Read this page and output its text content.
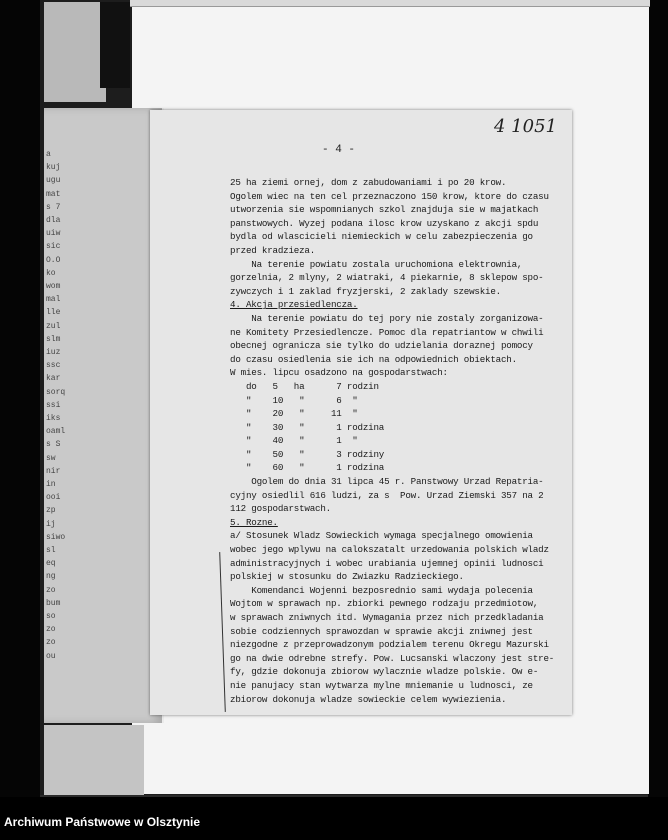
a
kuj
ugu
mat
s 7
dla
uiw
sic
O.O
ko
wom
mal
lle
zul
slm
iuz
ssc
kar
sorq
ssi
iks
oaml
s S
sw
nir
in
ooi
zp
ij
siwo
sl
eq
ng
zo
bum
so
zo
zo
ou
4 1051
- 4 -
25 ha ziemi ornej, dom z zabudowaniami i po 20 krow.
Ogolem wiec na ten cel przeznaczono 150 krow, ktore do czasu
utworzenia sie wspomnianych szkol znajduja sie w majatkach
panstwowych. Wyzej podana ilosc krow uzyskano z akcji spdu
bydla od wlascicieli niemieckich w celu zabezpieczenia go
przed kradzieza.
Na terenie powiatu zostala uruchomiona elektrownia,
gorzelnia, 2 mlyny, 2 wiatraki, 4 piekarnie, 8 sklepow spo-
zywczych i 1 zaklad fryzjerski, 2 zaklady szewskie.
4. Akcja przesiedlencza.
Na terenie powiatu do tej pory nie zostaly zorganizowa-
ne Komitety Przesiedlencze. Pomoc dla repatriantow w chwili
obecnej ogranicza sie tylko do udzielania doraznej pomocy
do czasu osiedlenia sie ich na odpowiednich obiektach.
W mies. lipcu osadzono na gospodarstwach:
do   5   ha      7 rodzin
"    10   "      6  "
"    20   "     11  "
"    30   "      1 rodzina
"    40   "      1  "
"    50   "      3 rodziny
"    60   "      1 rodzina
Ogolem do dnia 31 lipca 45 r. Panstwowy Urzad Repatria-
cyjny osiedlil 616 ludzi, za s  Pow. Urzad Ziemski 357 na 2
112 gospodarstwach.
5. Rozne.
a/ Stosunek Wladz Sowieckich wymaga specjalnego omowienia
wobec jego wplywu na calokszatalt urzedowania polskich wladz
administracyjnych i wobec urabiania ujemnej opinii ludnosci
polskiej w stosunku do Zwiazku Radzieckiego.
Komendanci Wojenni bezposrednio sami wydaja polecenia
Wojtom w sprawach np. zbiorki pewnego rodzaju przedmiotow,
w sprawach zniwnych itd. Wymagania przez nich przedkladania
sobie codziennych sprawozdan w sprawie akcji zniwnej jest
niezgodne z przeprowadzonym podzialem terenu Okregu Mazurski
go na dwie odrebne strefy. Pow. Lucsanski wlaczony jest stre-
fy, gdzie dokonuja zbiorow wylacznie wladze polskie. Ow e-
nie panujacy stan wytwarza mylne mniemanie u ludnosci, ze
zbiorow dokonuja wladze sowieckie celem wywiezienia.
Archiwum Państwowe w Olsztynie
